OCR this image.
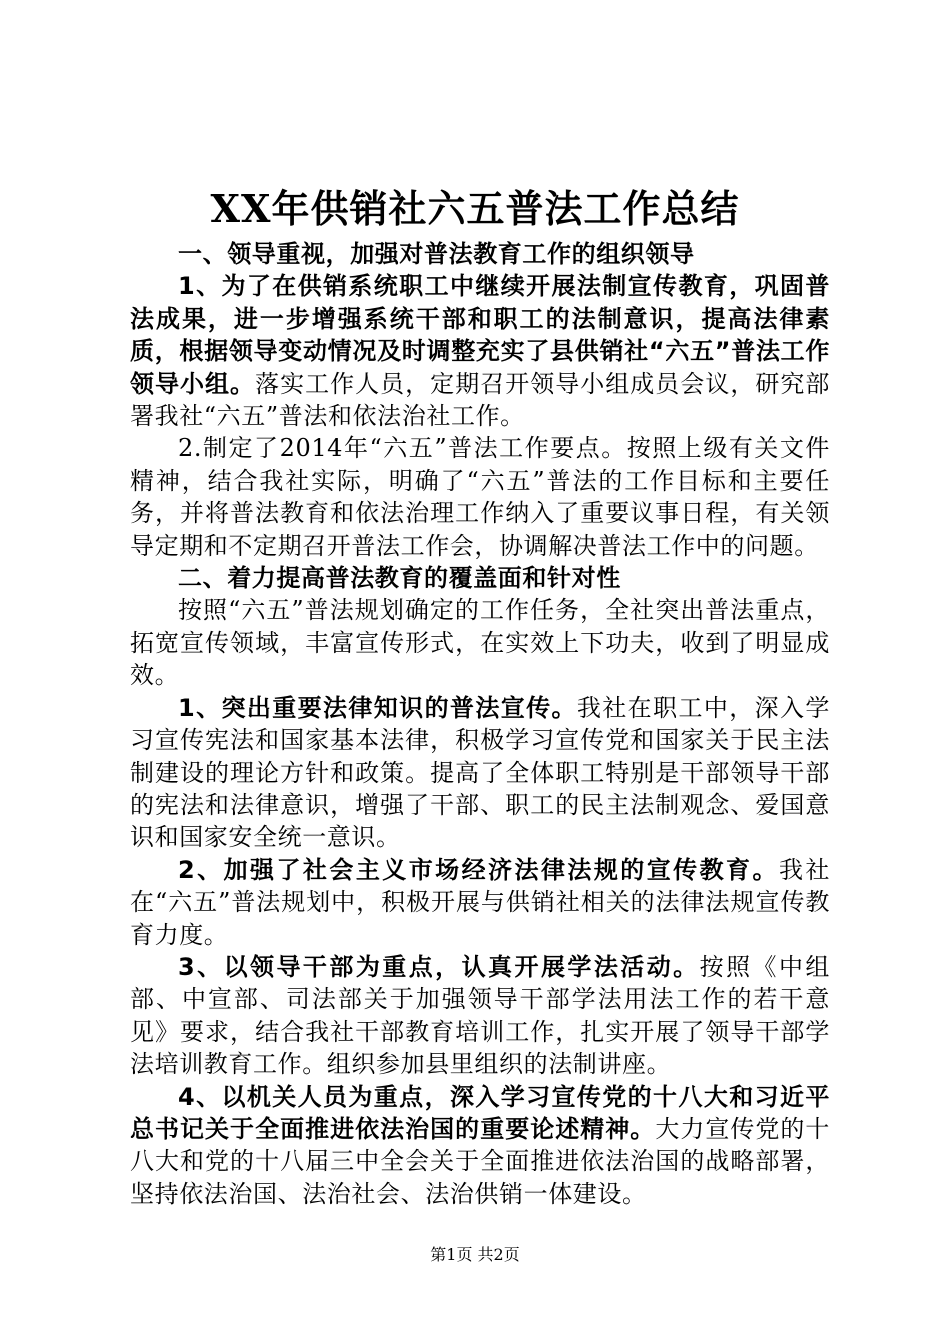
XX年供销社六五普法工作总结

一、领导重视，加强对普法教育工作的组织领导

1、为了在供销系统职工中继续开展法制宣传教育，巩固普法成果，进一步增强系统干部和职工的法制意识，提高法律素质，根据领导变动情况及时调整充实了县供销社“六五”普法工作领导小组。落实工作人员，定期召开领导小组成员会议，研究部署我社“六五”普法和依法治社工作。

2.制定了2014年“六五”普法工作要点。按照上级有关文件精神，结合我社实际，明确了“六五”普法的工作目标和主要任务，并将普法教育和依法治理工作纳入了重要议事日程，有关领导定期和不定期召开普法工作会，协调解决普法工作中的问题。

二、着力提高普法教育的覆盖面和针对性

按照“六五”普法规划确定的工作任务，全社突出普法重点，拓宽宣传领域，丰富宣传形式，在实效上下功夫，收到了明显成效。

1、突出重要法律知识的普法宣传。我社在职工中，深入学习宣传宪法和国家基本法律，积极学习宣传党和国家关于民主法制建设的理论方针和政策。提高了全体职工特别是干部领导干部的宪法和法律意识，增强了干部、职工的民主法制观念、爱国意识和国家安全统一意识。

2、加强了社会主义市场经济法律法规的宣传教育。我社在“六五”普法规划中，积极开展与供销社相关的法律法规宣传教育力度。

3、以领导干部为重点，认真开展学法活动。按照《中组部、中宣部、司法部关于加强领导干部学法用法工作的若干意见》要求，结合我社干部教育培训工作，扎实开展了领导干部学法培训教育工作。组织参加县里组织的法制讲座。

4、以机关人员为重点，深入学习宣传党的十八大和习近平总书记关于全面推进依法治国的重要论述精神。大力宣传党的十八大和党的十八届三中全会关于全面推进依法治国的战略部署，坚持依法治国、法治社会、法治供销一体建设。

第1页 共2页
